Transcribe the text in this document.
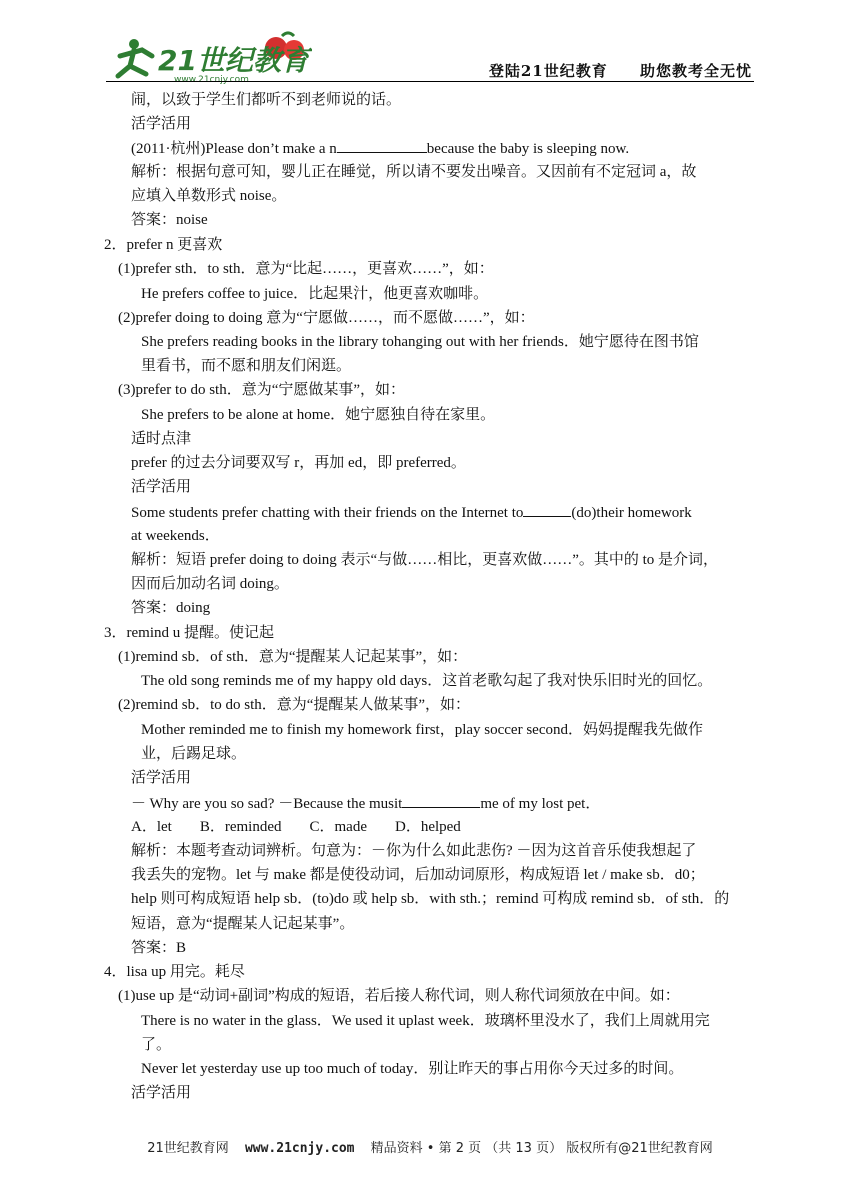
21世纪教育
www.21cnjy.com	登陆21世纪教育 助您教考全无忧
闹，以致于学生们都听不到老师说的话。
活学活用
(2011·杭州)Please don’t make a n	because the baby is sleeping now.
解析：根据句意可知，婴儿正在睡觉，所以请不要发出噪音。又因前有不定冠词 a，故
应填入单数形式 noise。
答案：noise
2．prefer n 更喜欢
(1)prefer sth．to sth．意为“比起……，更喜欢……”，如：
He prefers coffee to juice．比起果汁，他更喜欢咖啡。
(2)prefer doing to doing 意为“宁愿做……，而不愿做……”，如：
She prefers reading books in the library tohanging out with her friends．她宁愿待在图书馆
里看书，而不愿和朋友们闲逛。
(3)prefer to do sth．意为“宁愿做某事”，如：
She prefers to be alone at home．她宁愿独自待在家里。
适时点津
prefer 的过去分词要双写 r，再加 ed，即 preferred。
活学活用
Some students prefer chatting with their friends on the Internet to	(do)their homework
at weekends．
解析：短语 prefer doing to doing 表示“与做……相比，更喜欢做……”。其中的 to 是介词，
因而后加动名词 doing。
答案：doing
3．remind u 提醒。使记起
(1)remind sb．of sth．意为“提醒某人记起某事”，如：
The old song reminds me of my happy old days．这首老歌勾起了我对快乐旧时光的回忆。
(2)remind sb．to do sth．意为“提醒某人做某事”，如：
Mother reminded me to finish my homework first，play soccer second．妈妈提醒我先做作
业，后踢足球。
活学活用
－ Why are you so sad? －Because the musit	me of my lost pet．
A．let B．reminded C．made D．helped
解析：本题考查动词辨析。句意为：－你为什么如此悲伤? －因为这首音乐使我想起了
我丢失的宠物。let 与 make 都是使役动词，后加动词原形，构成短语 let / make sb．d0；
help 则可构成短语 help sb．(to)do 或 help sb．with sth.；remind 可构成 remind sb．of sth．的
短语，意为“提醒某人记起某事”。
答案：B
4．lisa up 用完。耗尽
(1)use up 是“动词+副词”构成的短语，若后接人称代词，则人称代词须放在中间。如：
There is no water in the glass．We used it uplast week．玻璃杯里没水了，我们上周就用完
了。
Never let yesterday use up too much of today．别让昨天的事占用你今天过多的时间。
活学活用
21世纪教育网 www.21cnjy.com 精品资料 • 第 2 页 （共 13 页） 版权所有@21世纪教育网
